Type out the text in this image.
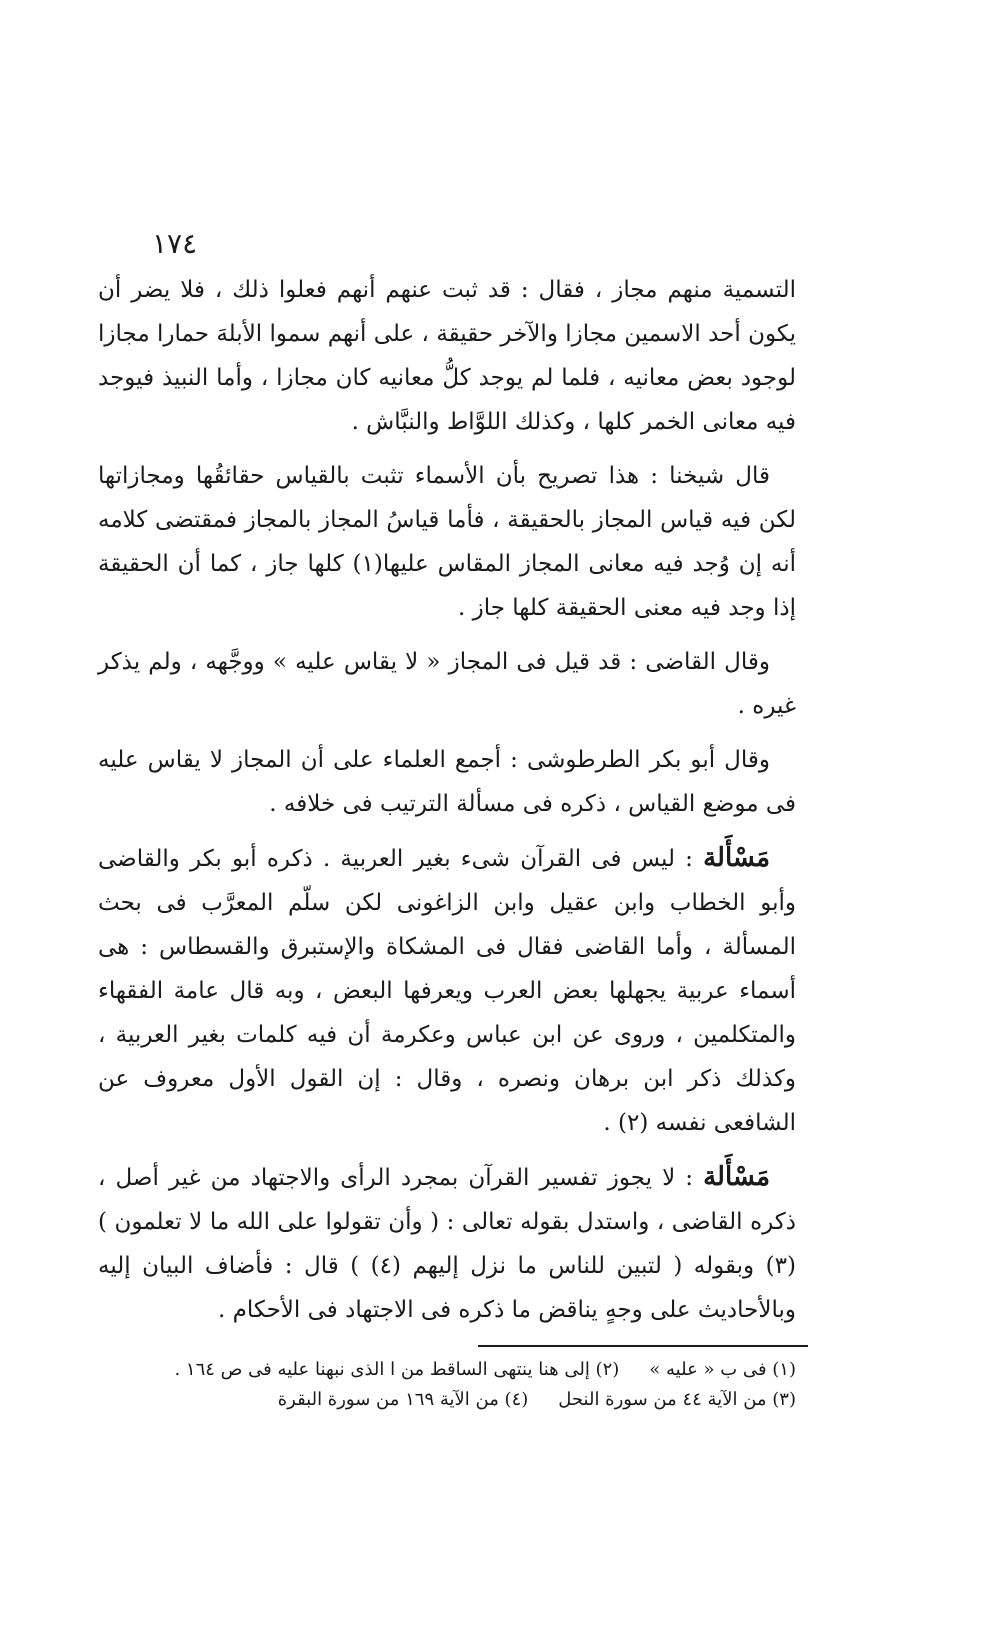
١٧٤

التسمية منهم مجاز ، فقال : قد ثبت عنهم أنهم فعلوا ذلك ، فلا يضر أن يكون أحد الاسمين مجازا والآخر حقيقة ، على أنهم سموا الأبلهَ حمارا مجازا لوجود بعض معانيه ، فلما لم يوجد كلُّ معانيه كان مجازا ، وأما النبيذ فيوجد فيه معانى الخمر كلها ، وكذلك اللوَّاط والنبَّاش .

قال شيخنا : هذا تصريح بأن الأسماء تثبت بالقياس حقائقُها ومجازاتها لكن فيه قياس المجاز بالحقيقة ، فأما قياسُ المجاز بالمجاز فمقتضى كلامه أنه إن وُجد فيه معانى المجاز المقاس عليها(١) كلها جاز ، كما أن الحقيقة إذا وجد فيه معنى الحقيقة كلها جاز .

وقال القاضى : قد قيل فى المجاز « لا يقاس عليه » ووجَّهه ، ولم يذكر غيره .

وقال أبو بكر الطرطوشى : أجمع العلماء على أن المجاز لا يقاس عليه فى موضع القياس ، ذكره فى مسألة الترتيب فى خلافه .

مَسْأَلة : ليس فى القرآن شىء بغير العربية . ذكره أبو بكر والقاضى وأبو الخطاب وابن عقيل وابن الزاغونى لكن سلّم المعرَّب فى بحث المسألة ، وأما القاضى فقال فى المشكاة والإستبرق والقسطاس : هى أسماء عربية يجهلها بعض العرب ويعرفها البعض ، وبه قال عامة الفقهاء والمتكلمين ، وروى عن ابن عباس وعكرمة أن فيه كلمات بغير العربية ، وكذلك ذكر ابن برهان ونصره ، وقال : إن القول الأول معروف عن الشافعى نفسه (٢) .

مَسْأَلة : لا يجوز تفسير القرآن بمجرد الرأى والاجتهاد من غير أصل ، ذكره القاضى ، واستدل بقوله تعالى : ( وأن تقولوا على الله ما لا تعلمون ) (٣) وبقوله ( لتبين للناس ما نزل إليهم (٤) ) قال : فأضاف البيان إليه وبالأحاديث على وجهٍ يناقض ما ذكره فى الاجتهاد فى الأحكام .

(١) فى ب « عليه »
(٢) إلى هنا ينتهى الساقط من ا الذى نبهنا عليه فى ص ١٦٤ .
(٣) من الآية ٤٤ من سورة النحل
(٤) من الآية ١٦٩ من سورة البقرة
